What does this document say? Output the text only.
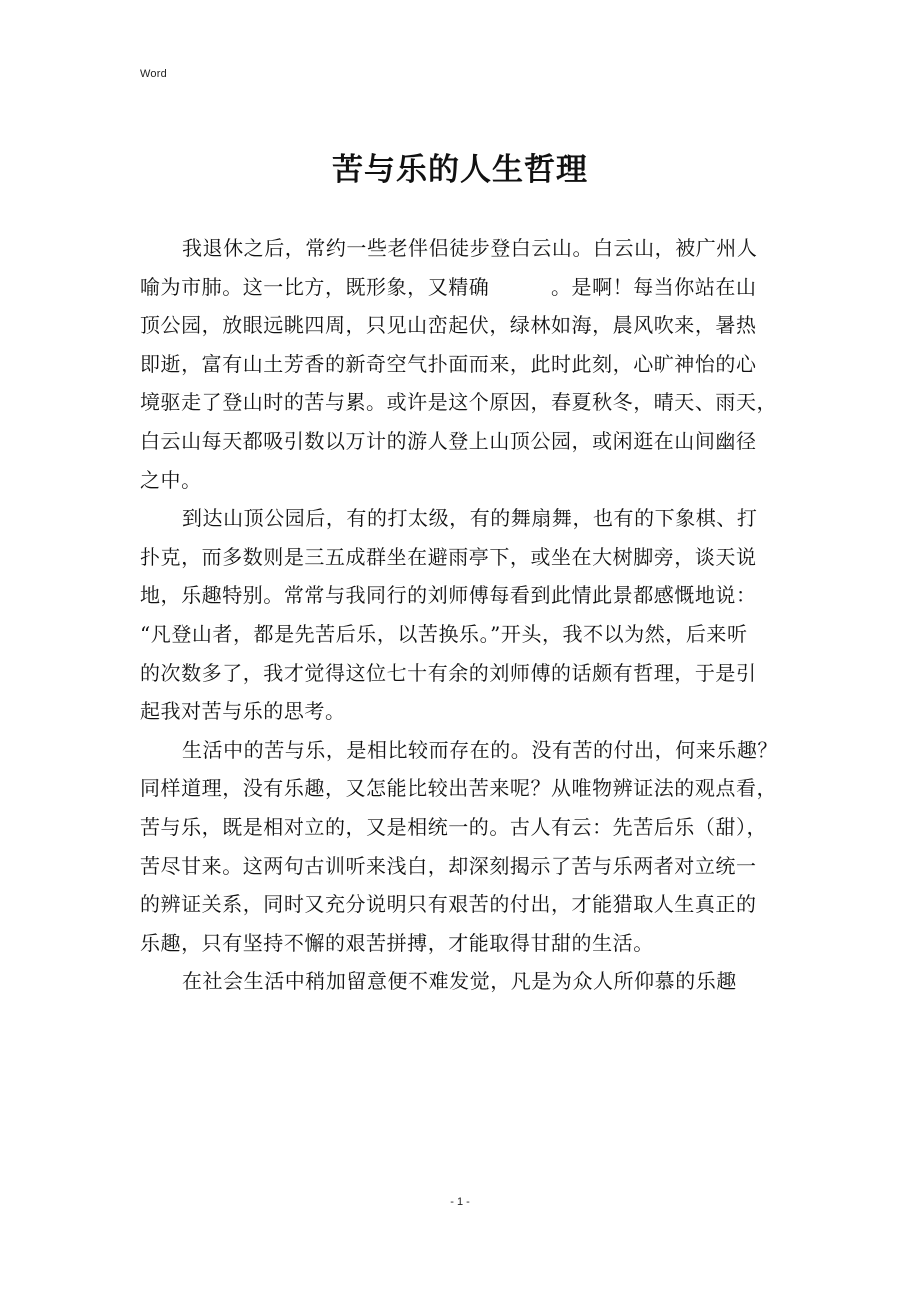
Word
苦与乐的人生哲理
我退休之后，常约一些老伴侣徒步登白云山。白云山，被广州人
喻为市肺。这一比方，既形象，又精确　　　。是啊！每当你站在山
顶公园，放眼远眺四周，只见山峦起伏，绿林如海，晨风吹来，暑热
即逝，富有山土芳香的新奇空气扑面而来，此时此刻，心旷神怡的心
境驱走了登山时的苦与累。或许是这个原因，春夏秋冬，晴天、雨天，
白云山每天都吸引数以万计的游人登上山顶公园，或闲逛在山间幽径
之中。
到达山顶公园后，有的打太级，有的舞扇舞，也有的下象棋、打
扑克，而多数则是三五成群坐在避雨亭下，或坐在大树脚旁，谈天说
地，乐趣特别。常常与我同行的刘师傅每看到此情此景都感慨地说：
“凡登山者，都是先苦后乐，以苦换乐。”开头，我不以为然，后来听
的次数多了，我才觉得这位七十有余的刘师傅的话颇有哲理，于是引
起我对苦与乐的思考。
生活中的苦与乐，是相比较而存在的。没有苦的付出，何来乐趣？
同样道理，没有乐趣，又怎能比较出苦来呢？从唯物辨证法的观点看，
苦与乐，既是相对立的，又是相统一的。古人有云：先苦后乐（甜），
苦尽甘来。这两句古训听来浅白，却深刻揭示了苦与乐两者对立统一
的辨证关系，同时又充分说明只有艰苦的付出，才能猎取人生真正的
乐趣，只有坚持不懈的艰苦拼搏，才能取得甘甜的生活。
在社会生活中稍加留意便不难发觉，凡是为众人所仰慕的乐趣
- 1 -
